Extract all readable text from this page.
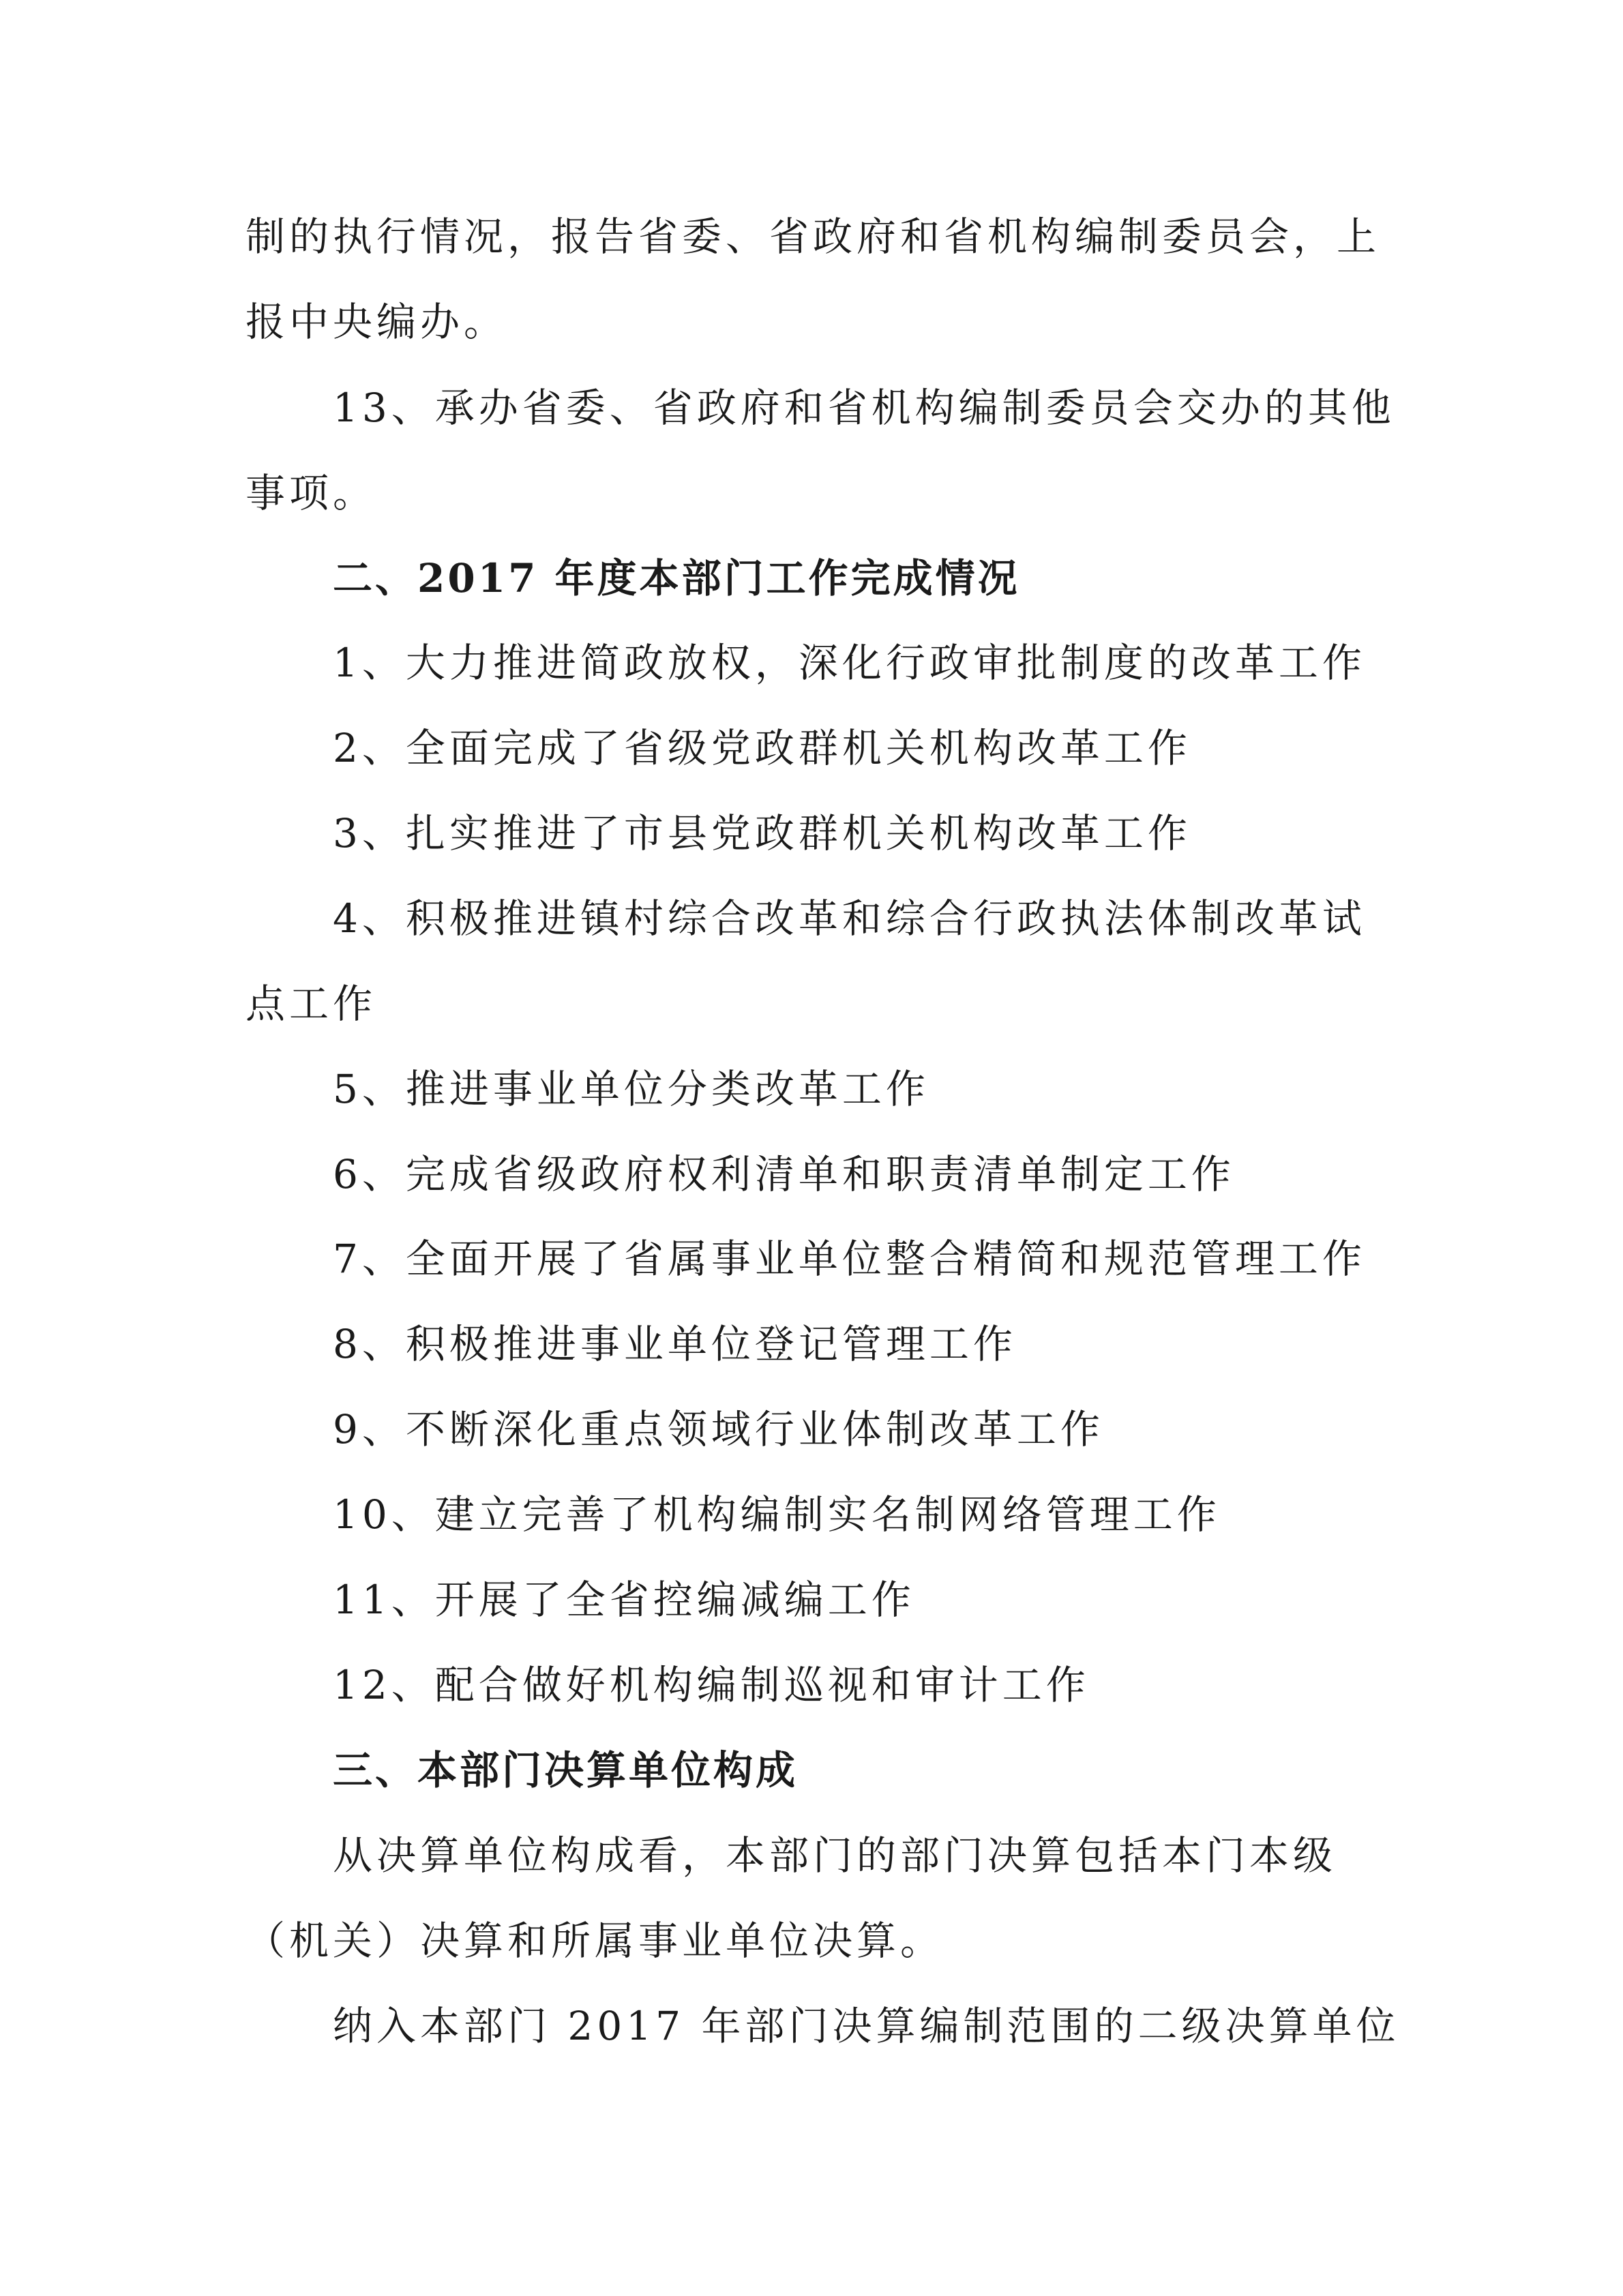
制的执行情况，报告省委、省政府和省机构编制委员会，上
报中央编办。
13、承办省委、省政府和省机构编制委员会交办的其他
事项。
二、2017 年度本部门工作完成情况
1、大力推进简政放权，深化行政审批制度的改革工作
2、全面完成了省级党政群机关机构改革工作
3、扎实推进了市县党政群机关机构改革工作
4、积极推进镇村综合改革和综合行政执法体制改革试
点工作
5、推进事业单位分类改革工作
6、完成省级政府权利清单和职责清单制定工作
7、全面开展了省属事业单位整合精简和规范管理工作
8、积极推进事业单位登记管理工作
9、不断深化重点领域行业体制改革工作
10、建立完善了机构编制实名制网络管理工作
11、开展了全省控编减编工作
12、配合做好机构编制巡视和审计工作
三、本部门决算单位构成
从决算单位构成看，本部门的部门决算包括本门本级
（机关）决算和所属事业单位决算。
纳入本部门 2017 年部门决算编制范围的二级决算单位
